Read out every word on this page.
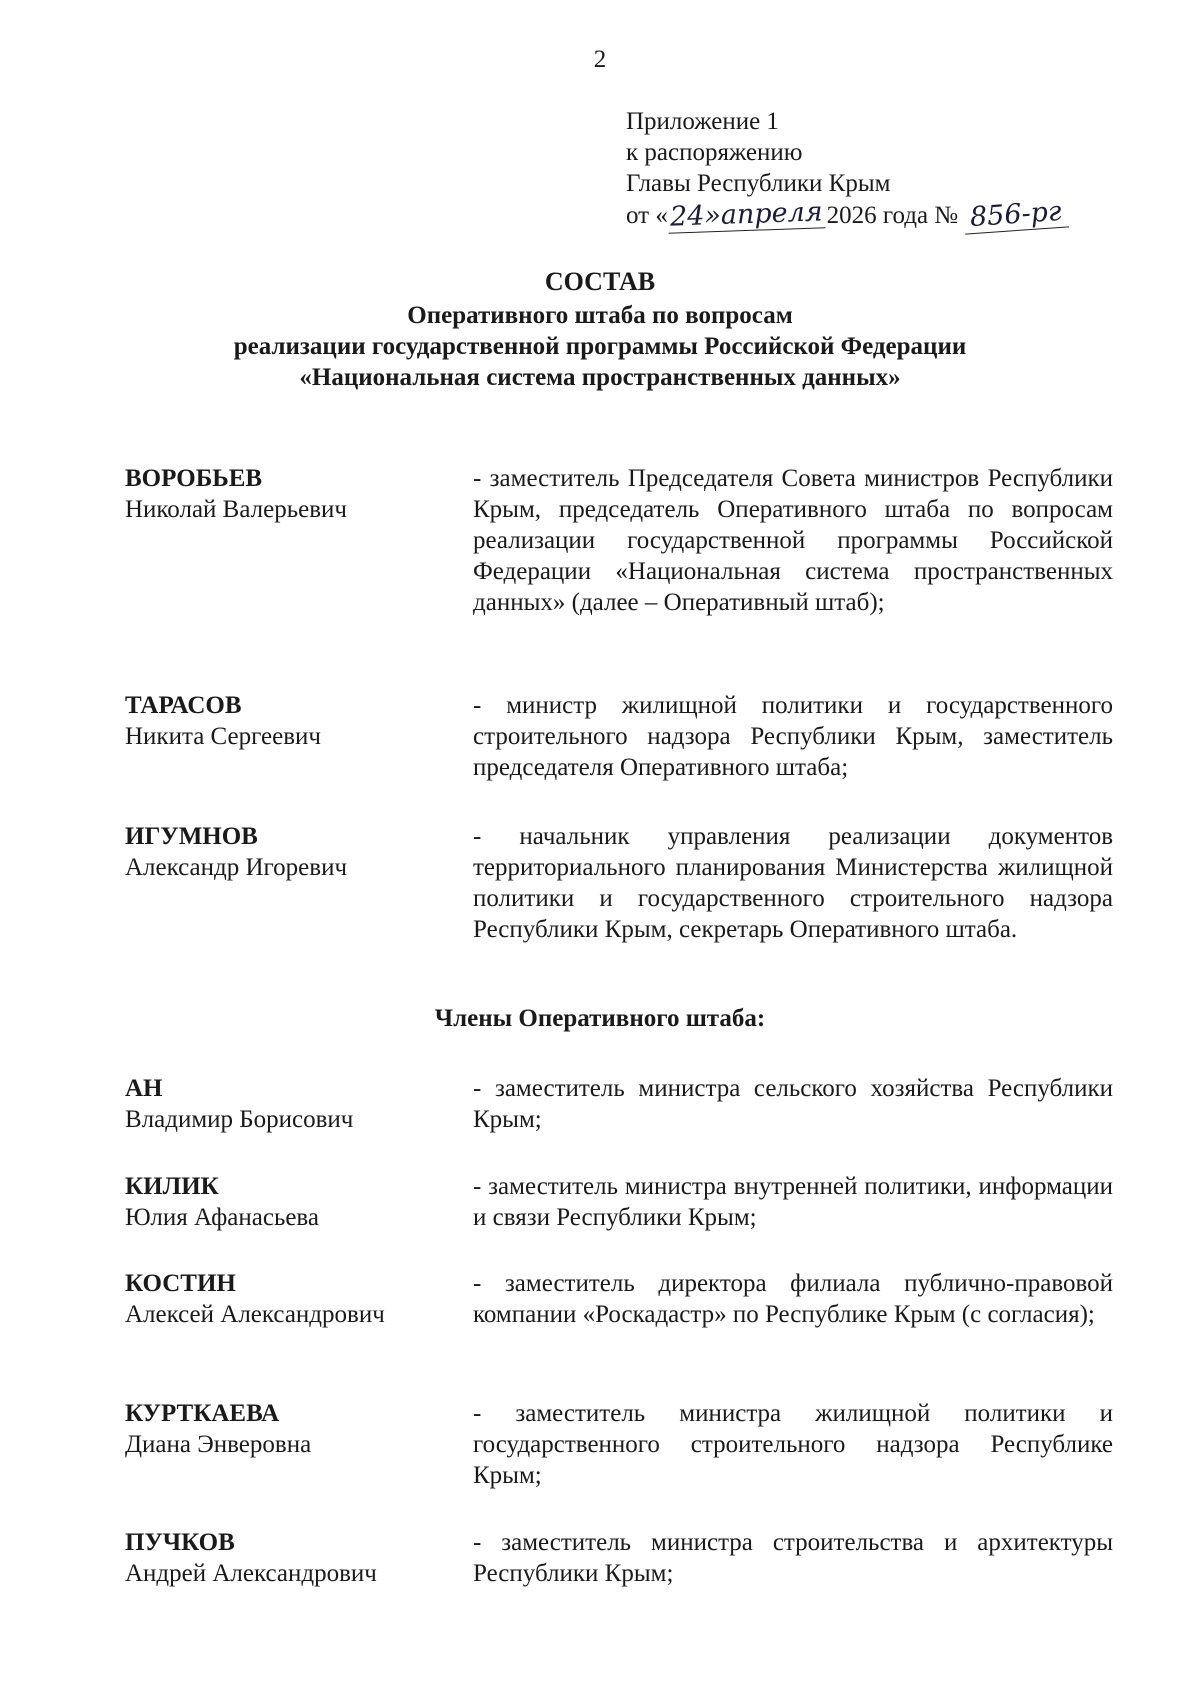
2
Приложение 1
к распоряжению
Главы Республики Крым
от «24»апреля 2026 года № 856-рг
СОСТАВ
Оперативного штаба по вопросам
реализации государственной программы Российской Федерации
«Национальная система пространственных данных»
ВОРОБЬЕВ
Николай Валерьевич
- заместитель Председателя Совета министров Республики Крым, председатель Оперативного штаба по вопросам реализации государственной программы Российской Федерации «Национальная система пространственных данных» (далее – Оперативный штаб);
ТАРАСОВ
Никита Сергеевич
- министр жилищной политики и государственного строительного надзора Республики Крым, заместитель председателя Оперативного штаба;
ИГУМНОВ
Александр Игоревич
- начальник управления реализации документов территориального планирования Министерства жилищной политики и государственного строительного надзора Республики Крым, секретарь Оперативного штаба.
Члены Оперативного штаба:
АН
Владимир Борисович
- заместитель министра сельского хозяйства Республики Крым;
КИЛИК
Юлия Афанасьева
- заместитель министра внутренней политики, информации и связи Республики Крым;
КОСТИН
Алексей Александрович
- заместитель директора филиала публично-правовой компании «Роскадастр» по Республике Крым (с согласия);
КУРТКАЕВА
Диана Энверовна
- заместитель министра жилищной политики и государственного строительного надзора Республике Крым;
ПУЧКОВ
Андрей Александрович
- заместитель министра строительства и архитектуры Республики Крым;
